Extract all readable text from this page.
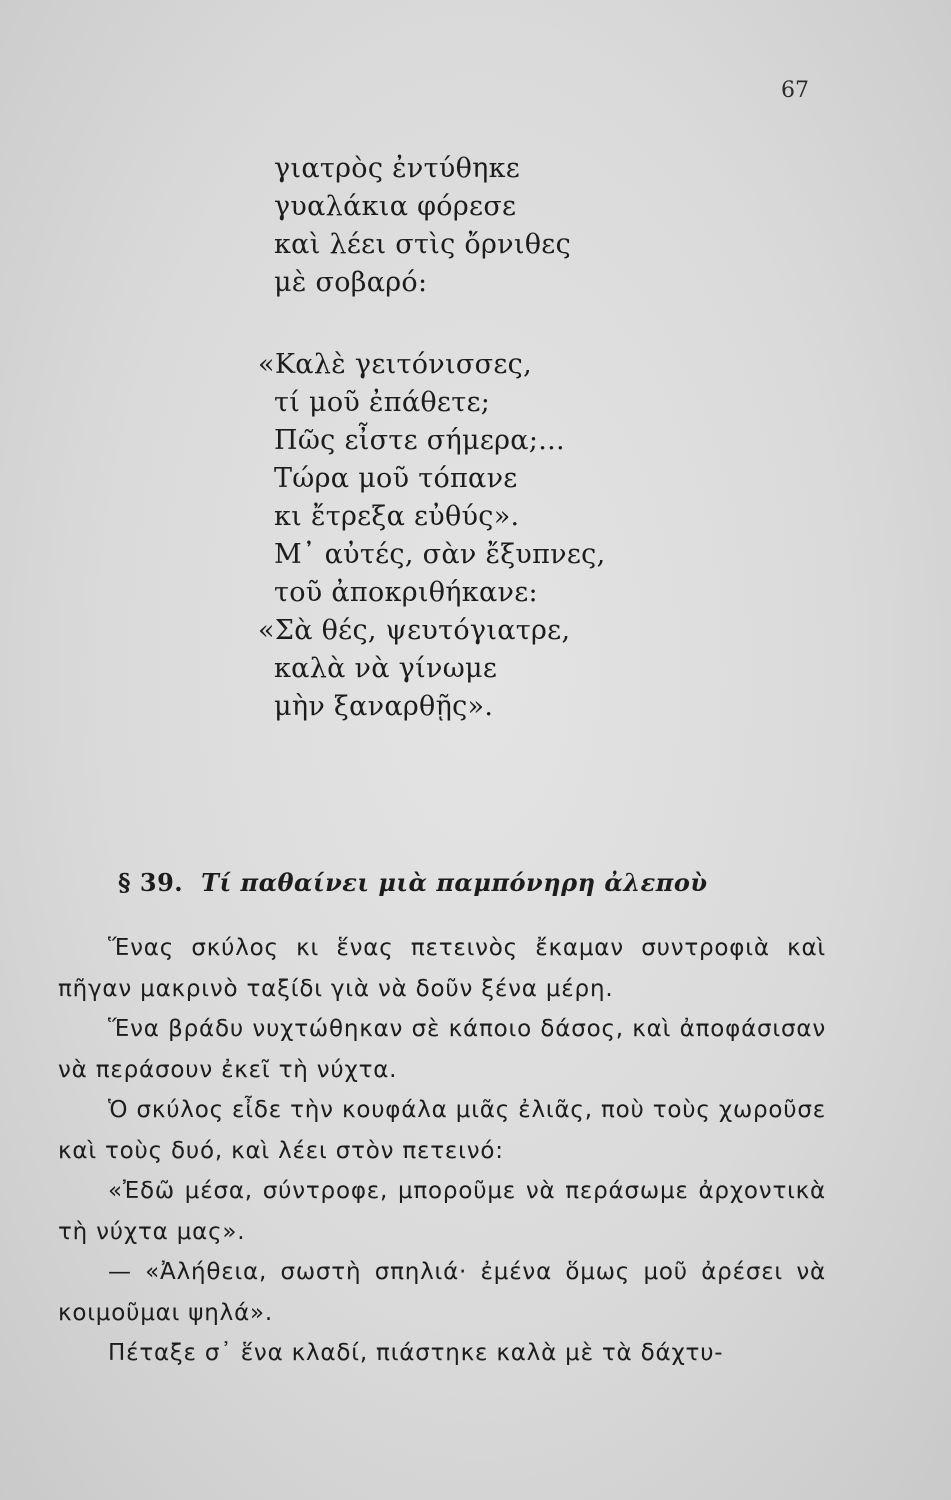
67
γιατρὸς ἐντύθηκε
γυαλάκια φόρεσε
καὶ λέει στὶς ὄρνιθες
μὲ σοβαρό:
«Καλὲ γειτόνισσες,
τί μοῦ ἐπάθετε;
Πῶς εἶστε σήμερα;...
Τώρα μοῦ τόπανε
κι ἔτρεξα εὐθύς».
Μ᾽ αὐτές, σὰν ἔξυπνες,
τοῦ ἀποκριθήκανε:
«Σὰ θές, ψευτόγιατρε,
καλὰ νὰ γίνωμε
μὴν ξαναρθῇς».
§ 39. Τί παθαίνει μιὰ παμπόνηρη ἀλεποὺ

Ἕνας σκύλος κι ἕνας πετεινὸς ἔκαμαν συντροφιὰ καὶ πῆγαν μακρινὸ ταξίδι γιὰ νὰ δοῦν ξένα μέρη.

Ἕνα βράδυ νυχτώθηκαν σὲ κάποιο δάσος, καὶ ἀποφάσισαν νὰ περάσουν ἐκεῖ τὴ νύχτα.

Ὁ σκύλος εἶδε τὴν κουφάλα μιᾶς ἐλιᾶς, ποὺ τοὺς χωροῦσε καὶ τοὺς δυό, καὶ λέει στὸν πετεινό:

«Ἐδῶ μέσα, σύντροφε, μποροῦμε νὰ περάσωμε ἀρχοντικὰ τὴ νύχτα μας».

— «Ἀλήθεια, σωστὴ σπηλιά· ἐμένα ὅμως μοῦ ἀρέσει νὰ κοιμοῦμαι ψηλά».

Πέταξε σ᾽ ἕνα κλαδί, πιάστηκε καλὰ μὲ τὰ δάχτυ-
